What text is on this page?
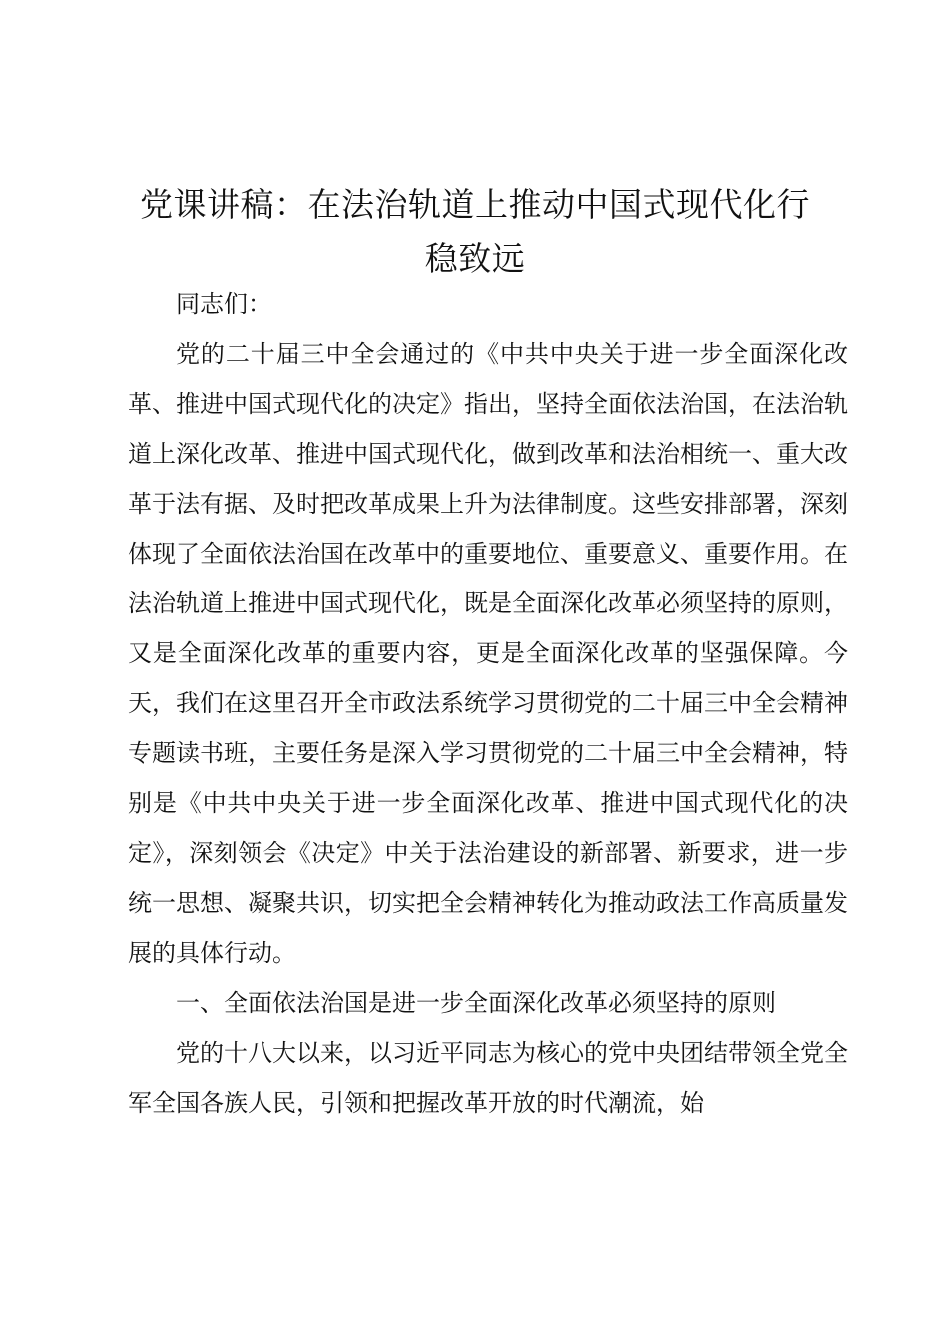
党课讲稿：在法治轨道上推动中国式现代化行
稳致远

同志们：

党的二十届三中全会通过的《中共中央关于进一步全面深化改革、推进中国式现代化的决定》指出，坚持全面依法治国，在法治轨道上深化改革、推进中国式现代化，做到改革和法治相统一、重大改革于法有据、及时把改革成果上升为法律制度。这些安排部署，深刻体现了全面依法治国在改革中的重要地位、重要意义、重要作用。在法治轨道上推进中国式现代化，既是全面深化改革必须坚持的原则，又是全面深化改革的重要内容，更是全面深化改革的坚强保障。今天，我们在这里召开全市政法系统学习贯彻党的二十届三中全会精神专题读书班，主要任务是深入学习贯彻党的二十届三中全会精神，特别是《中共中央关于进一步全面深化改革、推进中国式现代化的决定》，深刻领会《决定》中关于法治建设的新部署、新要求，进一步统一思想、凝聚共识，切实把全会精神转化为推动政法工作高质量发展的具体行动。

一、全面依法治国是进一步全面深化改革必须坚持的原则

党的十八大以来，以习近平同志为核心的党中央团结带领全党全军全国各族人民，引领和把握改革开放的时代潮流，始
